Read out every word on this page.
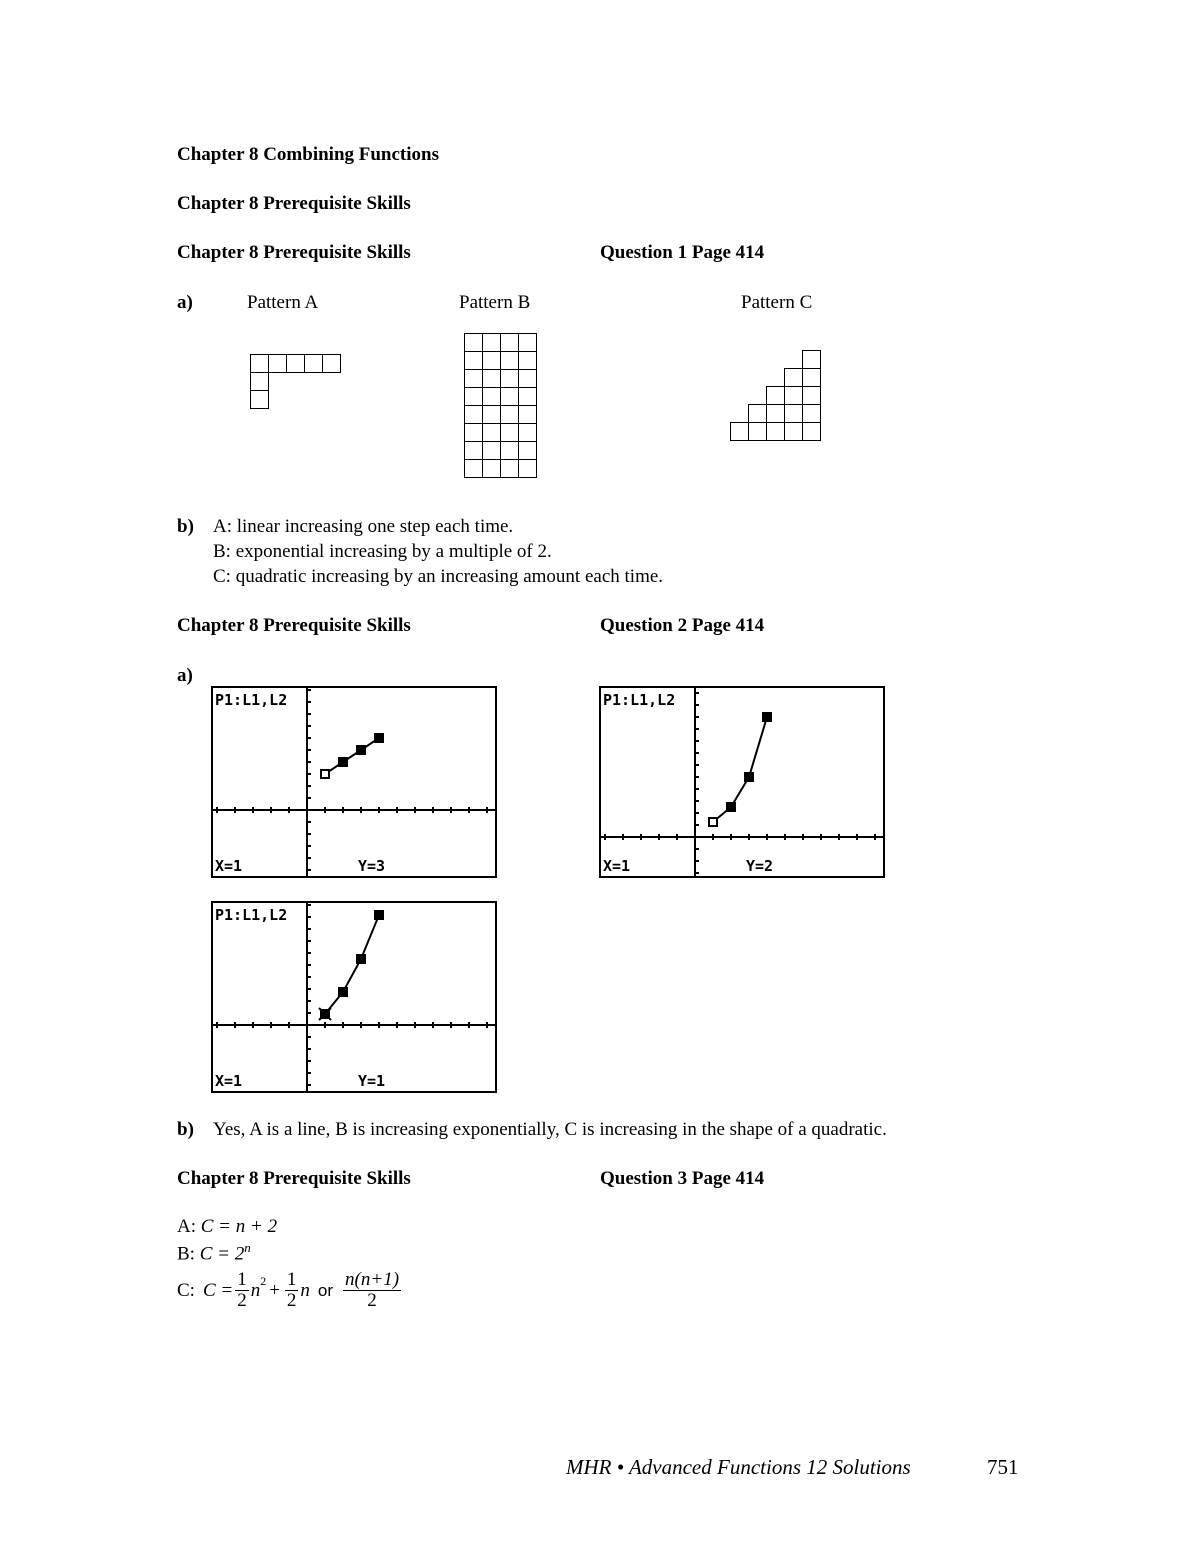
Chapter 8 Combining Functions
Chapter 8 Prerequisite Skills
Chapter 8 Prerequisite Skills	Question 1 Page 414
a)	Pattern A	Pattern B	Pattern C

b) A: linear increasing one step each time.
B: exponential increasing by a multiple of 2.
C: quadratic increasing by an increasing amount each time.
Chapter 8 Prerequisite Skills	Question 2 Page 414
a)
P1:L1,L2
X=1	Y=3
P1:L1,L2
X=1	Y=2
P1:L1,L2
X=1	Y=1
b) Yes, A is a line, B is increasing exponentially, C is increasing in the shape of a quadratic.
Chapter 8 Prerequisite Skills	Question 3 Page 414
A: C = n + 2
B: $C = 2^n$
C: $C = \frac{1}{2} n^2 + \frac{1}{2}$ n or $\frac{n(n+1)}{2}$
MHR • Advanced Functions 12 Solutions	751
